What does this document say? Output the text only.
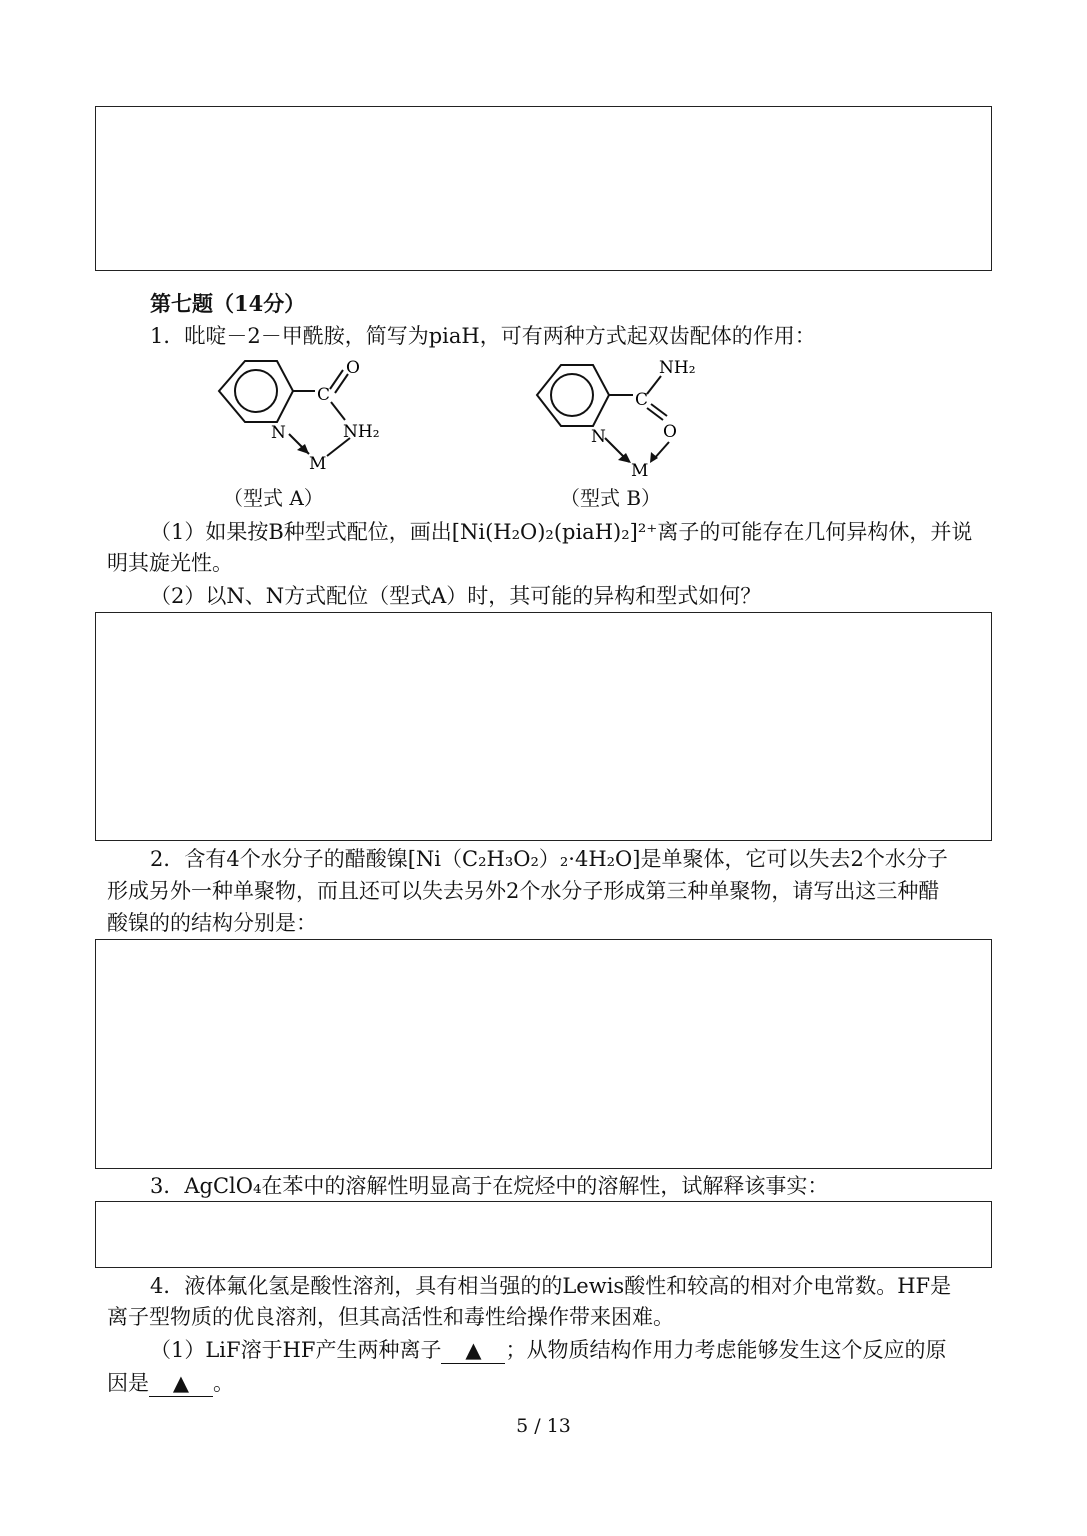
第七题（14分）
1．吡啶－2－甲酰胺，简写为piaH，可有两种方式起双齿配体的作用：
O
C
N	NH₂
M
（型式 A）
NH₂
C
N	O
M
（型式 B）
（1）如果按B种型式配位，画出[Ni(H₂O)₂(piaH)₂]²⁺离子的可能存在几何异构休，并说
明其旋光性。
（2）以N、N方式配位（型式A）时，其可能的异构和型式如何？
2．含有4个水分子的醋酸镍[Ni（C₂H₃O₂）₂·4H₂O]是单聚体，它可以失去2个水分子
形成另外一种单聚物，而且还可以失去另外2个水分子形成第三种单聚物，请写出这三种醋
酸镍的的结构分别是：
3．AgClO₄在苯中的溶解性明显高于在烷烃中的溶解性，试解释该事实：
4．液体氟化氢是酸性溶剂，具有相当强的的Lewis酸性和较高的相对介电常数。HF是
离子型物质的优良溶剂，但其高活性和毒性给操作带来困难。
（1）LiF溶于HF产生两种离子 ▲ ；从物质结构作用力考虑能够发生这个反应的原
因是 ▲ 。
5 / 13
